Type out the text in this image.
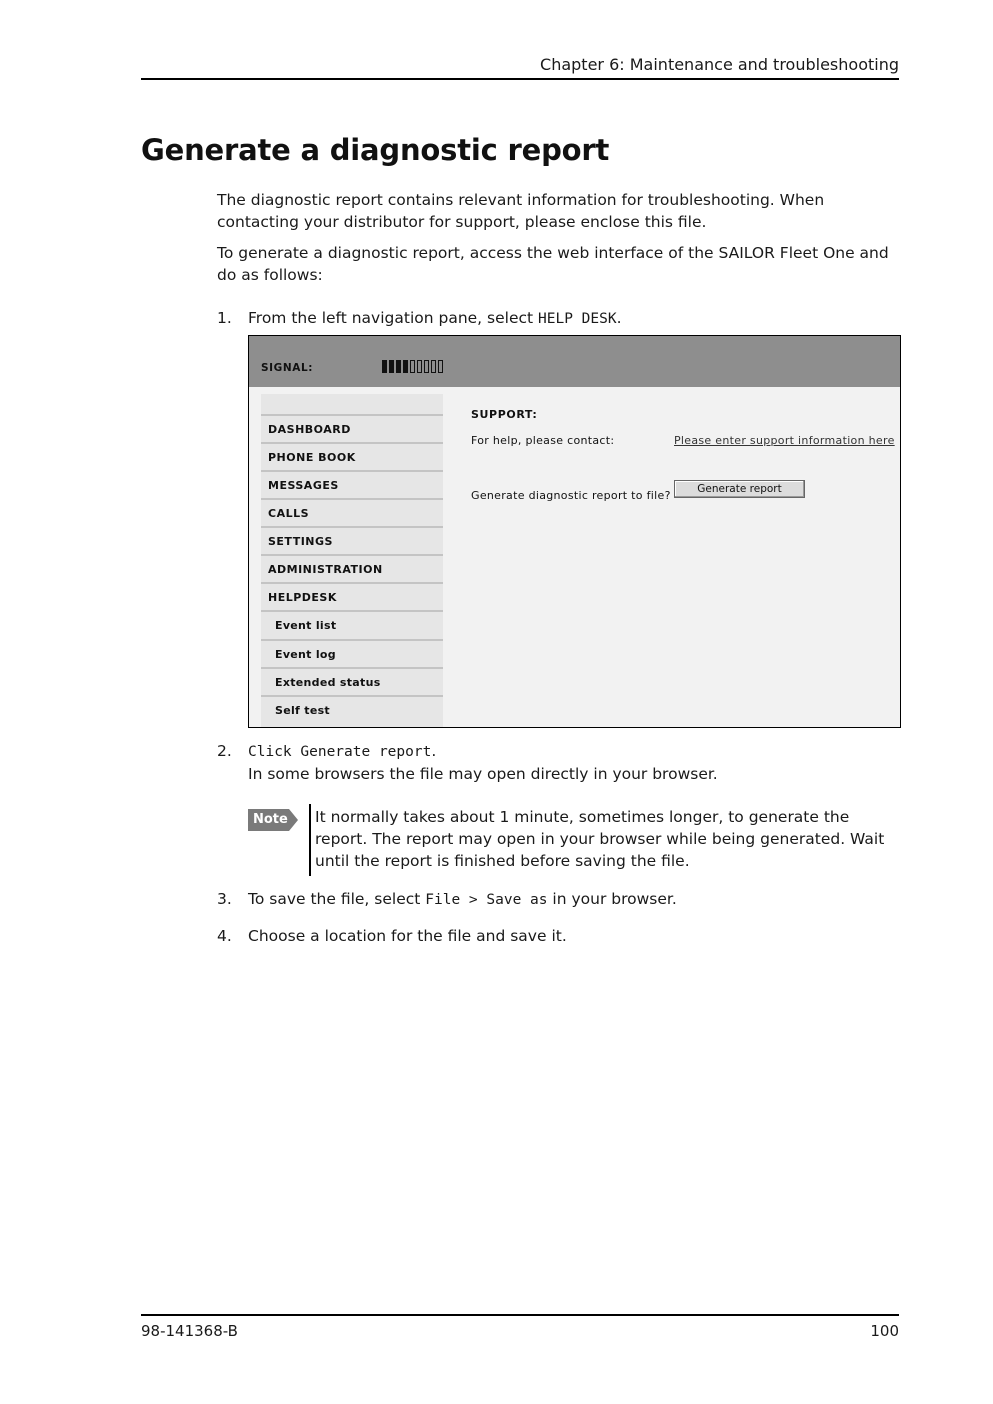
Chapter 6: Maintenance and troubleshooting
Generate a diagnostic report

The diagnostic report contains relevant information for troubleshooting. When contacting your distributor for support, please enclose this file.

To generate a diagnostic report, access the web interface of the SAILOR Fleet One and do as follows:

1. From the left navigation pane, select HELP DESK.
SIGNAL:
DASHBOARD
PHONE BOOK
MESSAGES
CALLS
SETTINGS
ADMINISTRATION
HELPDESK
Event list
Event log
Extended status
Self test
SUPPORT:
For help, please contact:	Please enter support information here
Generate diagnostic report to file?	Generate report
2. Click Generate report.
In some browsers the file may open directly in your browser.
Note It normally takes about 1 minute, sometimes longer, to generate the report. The report may open in your browser while being generated. Wait until the report is finished before saving the file.

3. To save the file, select File > Save as in your browser.
4. Choose a location for the file and save it.
98-141368-B	100
